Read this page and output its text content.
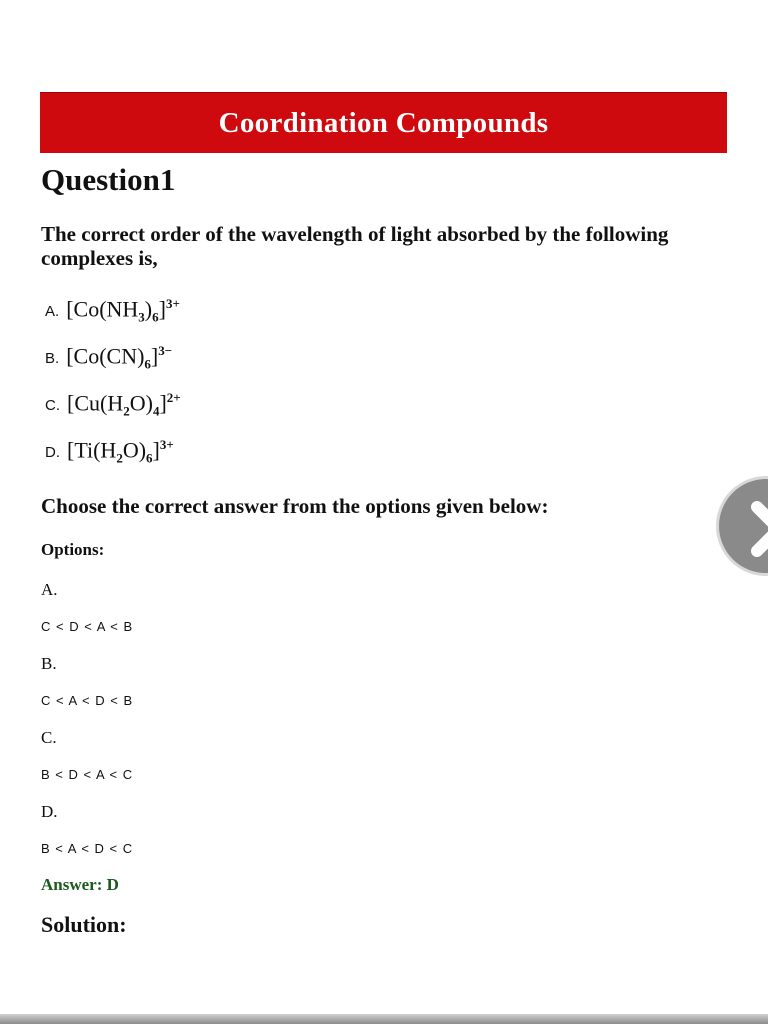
Coordination Compounds
Question1

The correct order of the wavelength of light absorbed by the following complexes is,

A. $[Co(NH_3)_6]^{3+}$
B. $[Co(CN)_6]^{3-}$
C. $[Cu(H_2O)_4]^{2+}$
D. $[Ti(H_2O)_6]^{3+}$

Choose the correct answer from the options given below:

Options:

A.
C < D < A < B
B.
C < A < D < B
C.
B < D < A < C
D.
B < A < D < C

Answer: D

Solution:
